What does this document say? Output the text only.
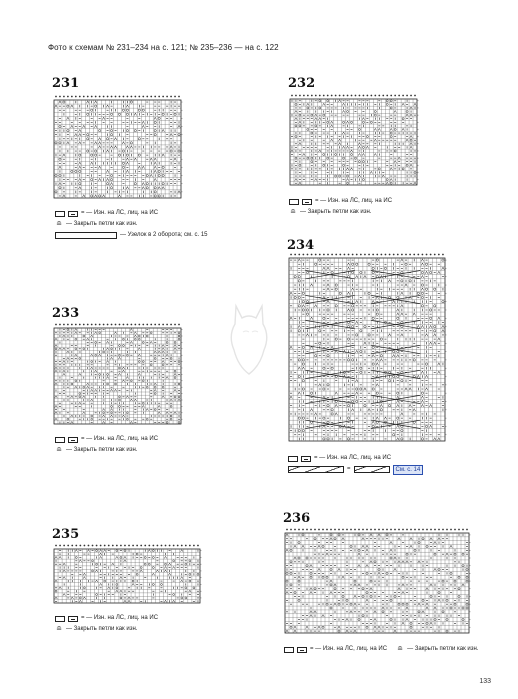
Фото к схемам № 231–234 на с. 121; № 235–236 — на с. 122
231
= — Изн. на ЛС, лиц. на ИС
≘ — Закрыть петли как изн.
— Узелок в 2 оборота; см. с. 15
232
= — Изн. на ЛС, лиц. на ИС
≘ — Закрыть петли как изн.
233
= — Изн. на ЛС, лиц. на ИС
≘ — Закрыть петли как изн.
234
= — Изн. на ЛС, лиц. на ИС
=	См. с. 14
235
= — Изн. на ЛС, лиц. на ИС
≘ — Закрыть петли как изн.
236
= — Изн. на ЛС, лиц. на ИС ≘ — Закрыть петли как изн.
133
